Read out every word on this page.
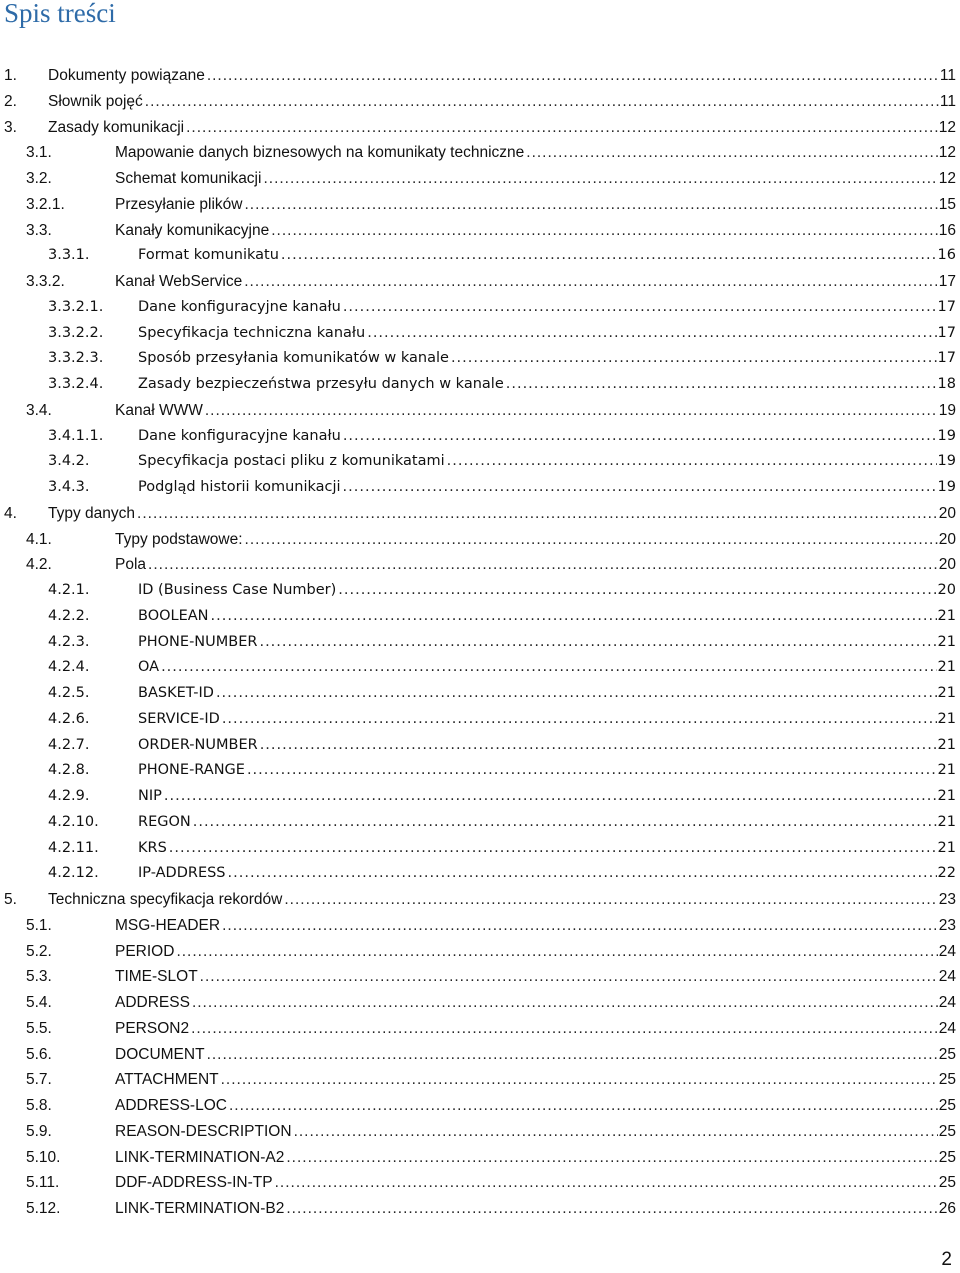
Spis treści
1. Dokumenty powiązane .....	11
2. Słownik pojęć .....	11
3. Zasady komunikacji .....	12
3.1.	Mapowanie danych biznesowych na komunikaty techniczne .....	12
3.2.	Schemat komunikacji .....	12
3.2.1.	Przesyłanie plików .....	15
3.3.	Kanały komunikacyjne .....	16
3.3.1.	Format komunikatu .....	16
3.3.2.	Kanał WebService .....	17
3.3.2.1. Dane konfiguracyjne kanału .....	17
3.3.2.2. Specyfikacja techniczna kanału .....	17
3.3.2.3. Sposób przesyłania komunikatów w kanale .....	17
3.3.2.4. Zasady bezpieczeństwa przesyłu danych w kanale .....	18
3.4.	Kanał WWW .....	19
3.4.1.1. Dane konfiguracyjne kanału .....	19
3.4.2.	Specyfikacja postaci pliku z komunikatami .....	19
3.4.3.	Podgląd historii komunikacji .....	19
4. Typy danych .....	20
4.1.	Typy podstawowe: .....	20
4.2.	Pola .....	20
4.2.1.	ID (Business Case Number) .....	20
4.2.2.	BOOLEAN .....	21
4.2.3.	PHONE-NUMBER .....	21
4.2.4.	OA .....	21
4.2.5.	BASKET-ID .....	21
4.2.6.	SERVICE-ID .....	21
4.2.7.	ORDER-NUMBER .....	21
4.2.8.	PHONE-RANGE .....	21
4.2.9.	NIP .....	21
4.2.10.	REGON .....	21
4.2.11.	KRS .....	21
4.2.12.	IP-ADDRESS .....	22
5. Techniczna specyfikacja rekordów .....	23
5.1.	MSG-HEADER .....	23
5.2.	PERIOD .....	24
5.3.	TIME-SLOT .....	24
5.4.	ADDRESS .....	24
5.5.	PERSON2 .....	24
5.6.	DOCUMENT .....	25
5.7.	ATTACHMENT .....	25
5.8.	ADDRESS-LOC .....	25
5.9.	REASON-DESCRIPTION .....	25
5.10.	LINK-TERMINATION-A2 .....	25
5.11.	DDF-ADDRESS-IN-TP .....	25
5.12.	LINK-TERMINATION-B2 .....	26
2
